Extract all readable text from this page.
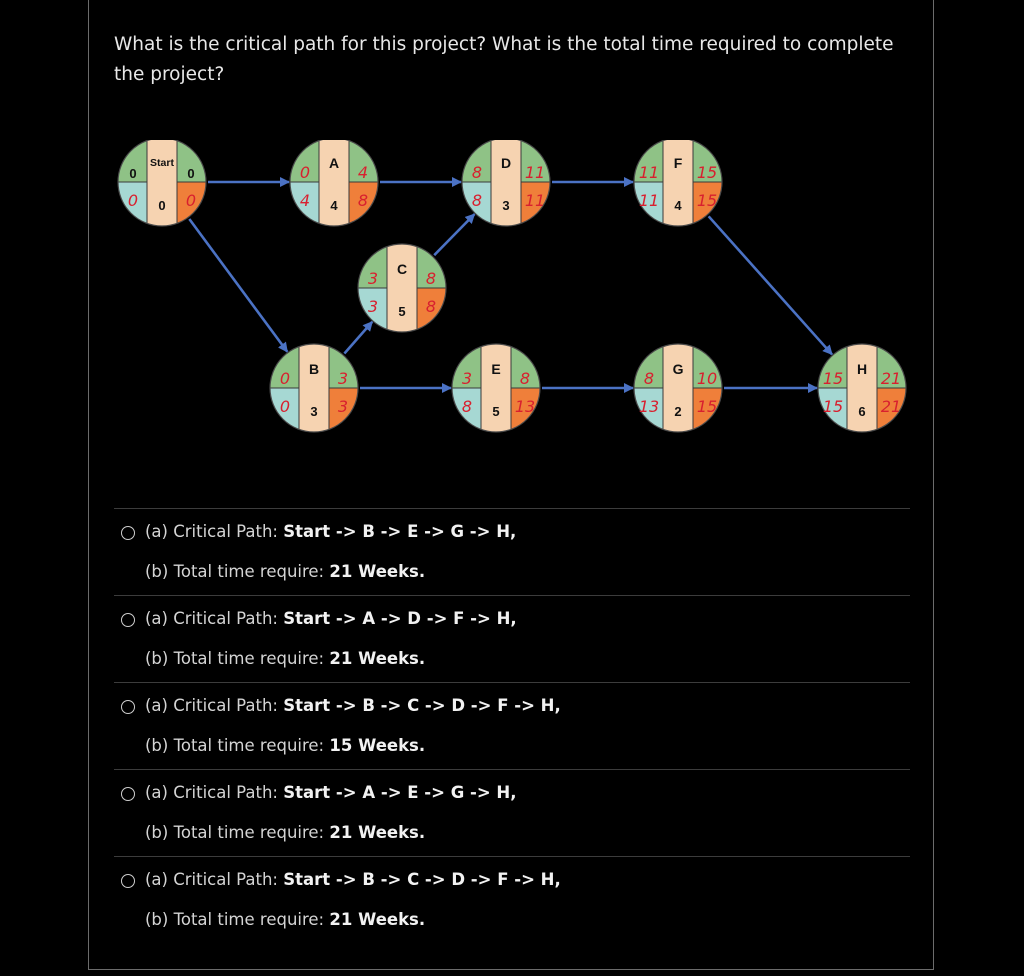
What is the critical path for this project? What is the total time required to complete the project?
Start
0
0	0
0	0
A
4
0	4
4	8
B
3
0	3
0	3
C
5
3	8
3	8
D
3
8	11
8	11
E
5
3	8
8	13
F
4
11 15
11 15
G
2
8	10
13 15
H
6
15 21
15 21
(a) Critical Path: Start -> B -> E -> G -> H,
(b) Total time require: 21 Weeks.
(a) Critical Path: Start -> A -> D -> F -> H,
(b) Total time require: 21 Weeks.
(a) Critical Path: Start -> B -> C -> D -> F -> H,
(b) Total time require: 15 Weeks.
(a) Critical Path: Start -> A -> E -> G -> H,
(b) Total time require: 21 Weeks.
(a) Critical Path: Start -> B -> C -> D -> F -> H,
(b) Total time require: 21 Weeks.
